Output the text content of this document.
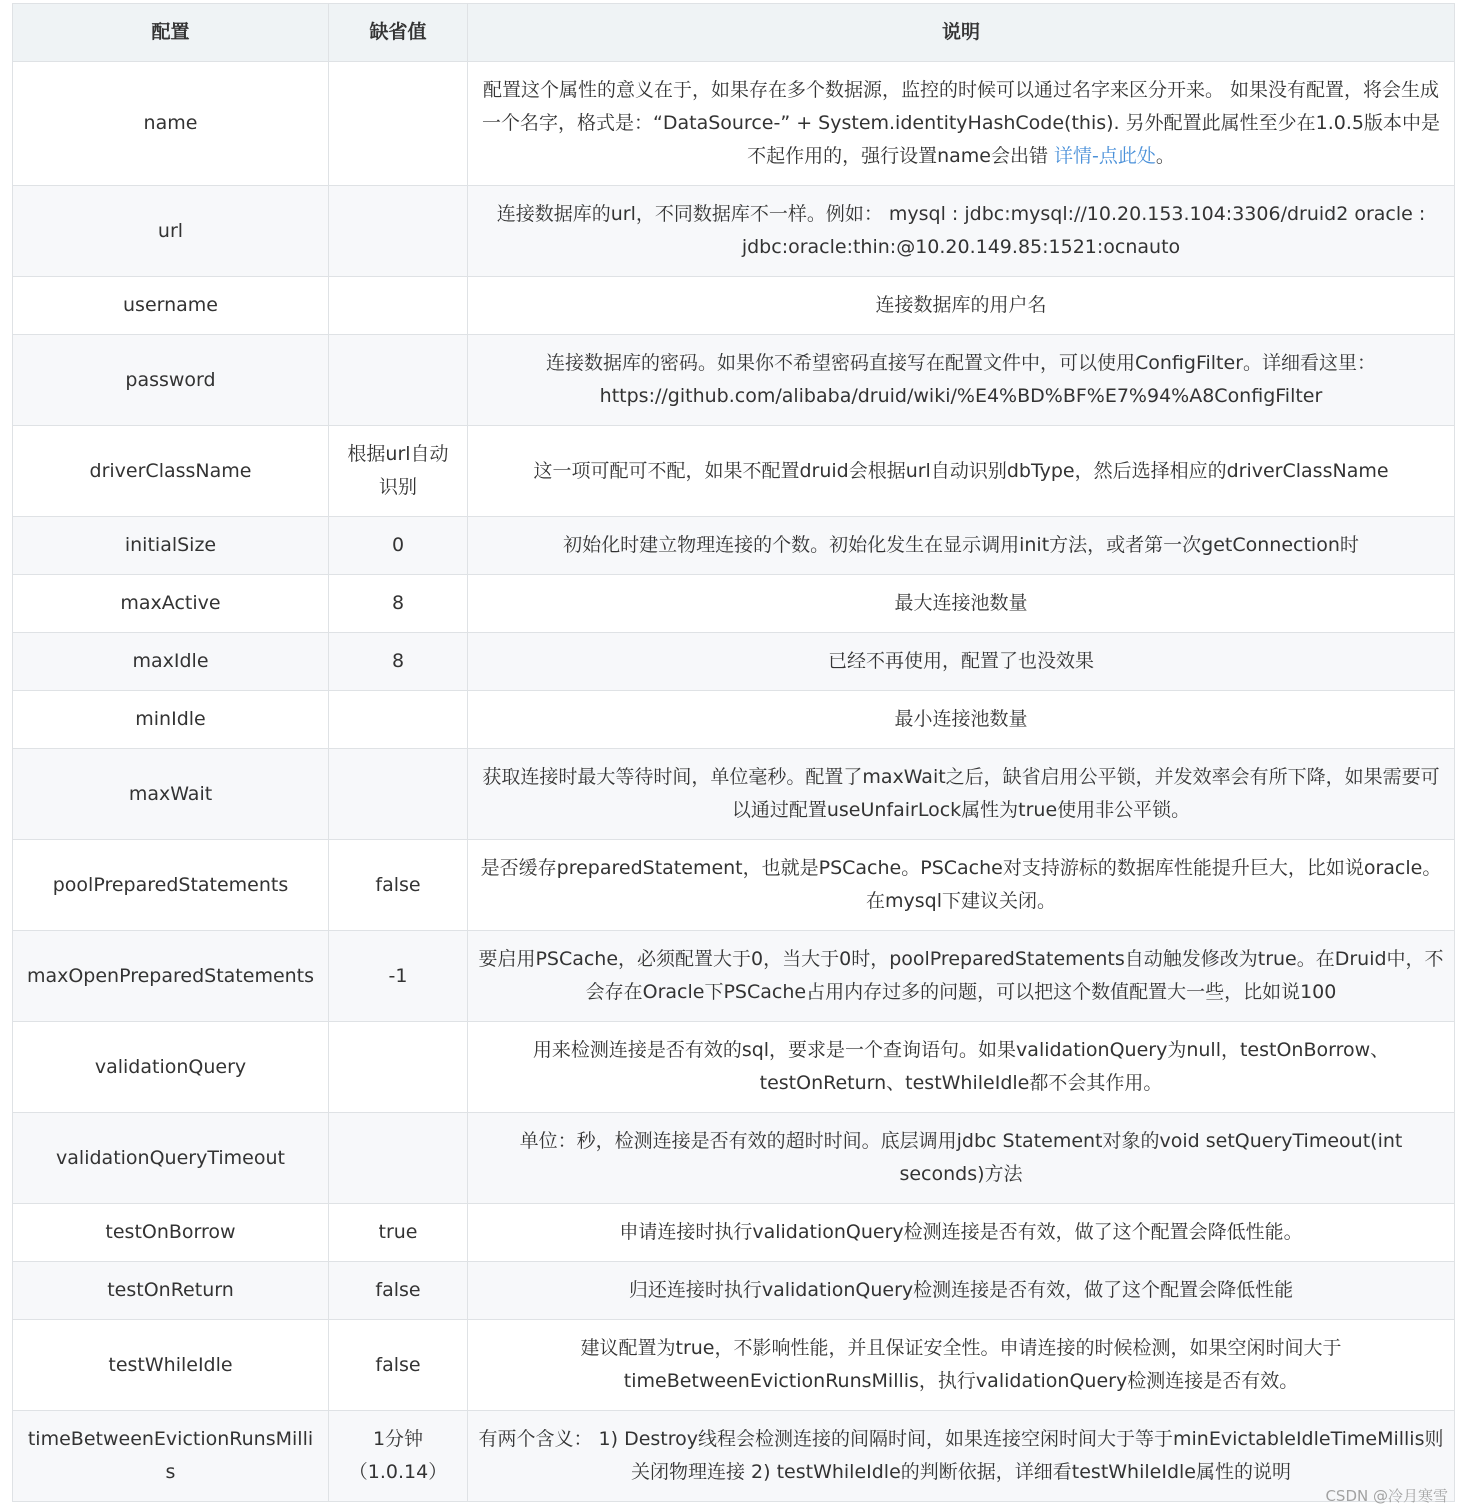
配置	缺省值	说明
name		配置这个属性的意义在于，如果存在多个数据源，监控的时候可以通过名字来区分开来。 如果没有配置，将会生成一个名字，格式是：“DataSource-” + System.identityHashCode(this). 另外配置此属性至少在1.0.5版本中是不起作用的，强行设置name会出错 详情-点此处。
url		连接数据库的url，不同数据库不一样。例如： mysql : jdbc:mysql://10.20.153.104:3306/druid2 oracle : jdbc:oracle:thin:@10.20.149.85:1521:ocnauto
username		连接数据库的用户名
password		连接数据库的密码。如果你不希望密码直接写在配置文件中，可以使用ConfigFilter。详细看这里：https://github.com/alibaba/druid/wiki/%E4%BD%BF%E7%94%A8ConfigFilter
driverClassName	根据url自动识别	这一项可配可不配，如果不配置druid会根据url自动识别dbType，然后选择相应的driverClassName
initialSize	0	初始化时建立物理连接的个数。初始化发生在显示调用init方法，或者第一次getConnection时
maxActive	8	最大连接池数量
maxIdle	8	已经不再使用，配置了也没效果
minIdle		最小连接池数量
maxWait		获取连接时最大等待时间，单位毫秒。配置了maxWait之后，缺省启用公平锁，并发效率会有所下降，如果需要可以通过配置useUnfairLock属性为true使用非公平锁。
poolPreparedStatements	false	是否缓存preparedStatement，也就是PSCache。PSCache对支持游标的数据库性能提升巨大，比如说oracle。在mysql下建议关闭。
maxOpenPreparedStatements	-1	要启用PSCache，必须配置大于0，当大于0时，poolPreparedStatements自动触发修改为true。在Druid中，不会存在Oracle下PSCache占用内存过多的问题，可以把这个数值配置大一些，比如说100
validationQuery		用来检测连接是否有效的sql，要求是一个查询语句。如果validationQuery为null，testOnBorrow、testOnReturn、testWhileIdle都不会其作用。
validationQueryTimeout		单位：秒，检测连接是否有效的超时时间。底层调用jdbc Statement对象的void setQueryTimeout(int seconds)方法
testOnBorrow	true	申请连接时执行validationQuery检测连接是否有效，做了这个配置会降低性能。
testOnReturn	false	归还连接时执行validationQuery检测连接是否有效，做了这个配置会降低性能
testWhileIdle	false	建议配置为true，不影响性能，并且保证安全性。申请连接的时候检测，如果空闲时间大于timeBetweenEvictionRunsMillis，执行validationQuery检测连接是否有效。
timeBetweenEvictionRunsMillis	1分钟（1.0.14）	有两个含义： 1) Destroy线程会检测连接的间隔时间，如果连接空闲时间大于等于minEvictableIdleTimeMillis则关闭物理连接 2) testWhileIdle的判断依据，详细看testWhileIdle属性的说明
CSDN @冷月寒雪
